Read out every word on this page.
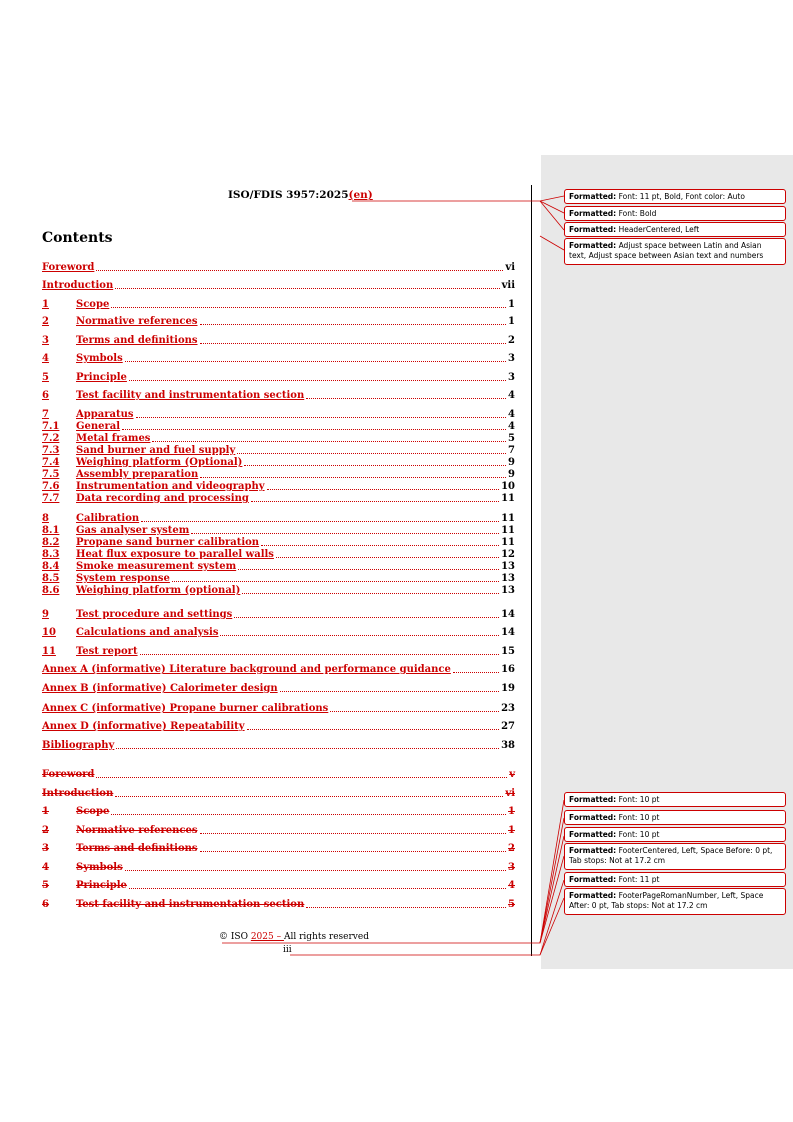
ISO/FDIS 3957:2025(en)
Contents
Foreword	vi
Introduction	vii
1	Scope	1
2	Normative references	1
3	Terms and definitions	2
4	Symbols	3
5	Principle	3
6	Test facility and instrumentation section	4
7	Apparatus	4
7.1	General	4
7.2	Metal frames	5
7.3	Sand burner and fuel supply	7
7.4	Weighing platform (Optional)	9
7.5	Assembly preparation	9
7.6	Instrumentation and videography	10
7.7	Data recording and processing	11
8	Calibration	11
8.1	Gas analyser system	11
8.2	Propane sand burner calibration	11
8.3	Heat flux exposure to parallel walls	12
8.4	Smoke measurement system	13
8.5	System response	13
8.6	Weighing platform (optional)	13
9	Test procedure and settings	14
10	Calculations and analysis	14
11	Test report	15
Annex A (informative) Literature background and performance guidance	16
Annex B (informative) Calorimeter design	19
Annex C (informative) Propane burner calibrations	23
Annex D (informative) Repeatability	27
Bibliography	38
Foreword	v
Introduction	vi
1	Scope	1
2	Normative references	1
3	Terms and definitions	2
4	Symbols	3
5	Principle	4
6	Test facility and instrumentation section	5
© ISO 2025 – All rights reserved
iii
Formatted: Font: 11 pt, Bold, Font color: Auto
Formatted: Font: Bold
Formatted: HeaderCentered, Left
Formatted: Adjust space between Latin and Asian text, Adjust space between Asian text and numbers
Formatted: Font: 10 pt
Formatted: Font: 10 pt
Formatted: Font: 10 pt
Formatted: FooterCentered, Left, Space Before: 0 pt, Tab stops: Not at 17.2 cm
Formatted: Font: 11 pt
Formatted: FooterPageRomanNumber, Left, Space After: 0 pt, Tab stops: Not at 17.2 cm
